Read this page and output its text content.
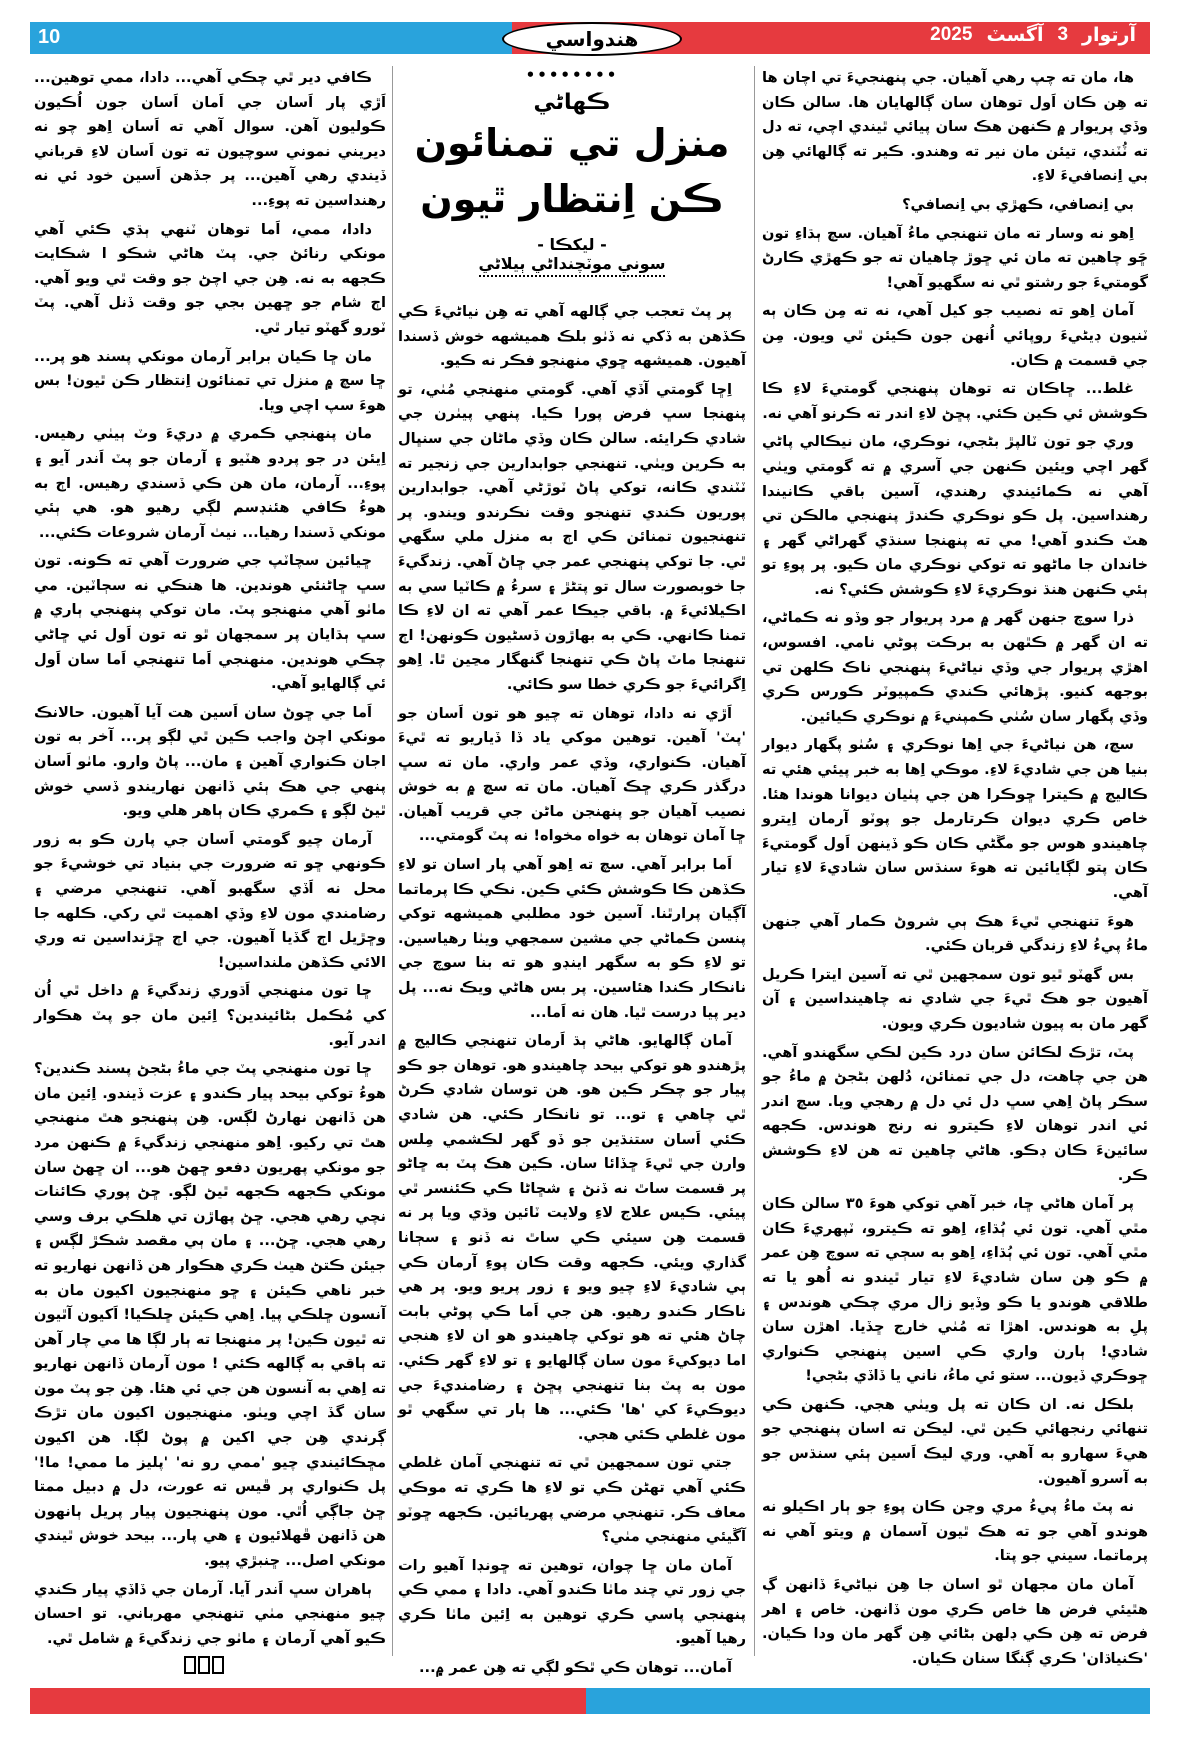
10	آرتوار
3
آگسٽ
2025
هندواسي

ڪافي دير ٿي چڪي آهي... دادا، ممي توهين... اَڙي پار اَسان جي اَمان اَسان جون اُڪيون ڪوليون آهن. سوال آهي ته اَسان اِهو چو نه ديريني نموني سوچيون ته تون اَسان لاءِ قرباني ڏيندي رهي آهين... پر جڏهن اَسين خود ئي نه رهنداسين ته پوءِ...

دادا، ممي، اَما توهان ٽنهي ٻڌي ڪئي آهي مونکي رنائڻ جي. پٽ هاڻي شڪو ا شڪايت ڪجهه به نه. هِن جي اچڻ جو وقت ٿي ويو آهي. اڄ شام جو ڇهين بجي جو وقت ڏنل آهي. پٽ ٽورو گهٽو تيار ٿي.

مان ڇا ڪيان برابر آرمان مونکي پسند هو پر... ڇا سچ ۾ منزل تي تمنائون اِنتظار ڪن ٿيون! بس هوءَ سپ اچي ويا.

مان پنهنجي ڪمري ۾ دريءَ وٽ ٻيٺي رهيس. اِيئن در جو پردو هٽيو ۽ آرمان جو پٽ اَندر آيو ۽ پوءِ... آرمان، مان هن ڪي ڏسندي رهيس. اڄ به هوءُ ڪافي هئنڊسم لڳي رهيو هو. هي ٻئي مونکي ڏسندا رهيا... نيٺ آرمان شروعات ڪئي...

ڇيائين سچاٽپ جي ضرورت آهي ته ڪونه. تون سڀ ڇاڻنئي هوندين. ها هنڪي نه سڄاٽين. مي ماٺو آهي منهنجو پٽ. مان توکي پنهنجي ٻاري ۾ سڀ ٻڌايان پر سمجهان ٿو ته تون اَول ئي ڇاڻي چڪي هوندين. منهنجي اَما تنهنجي اَما سان اَول ئي ڳالهايو آهي.

اَما جي ڇوڻ سان اَسين هت آيا آهيون. حالانڪ مونکي اچڻ واجب ڪين ٿي لڳو پر... آخر به تون اجان ڪنواري آهين ۽ مان... پاڻ وارو. ماٺو اَسان پنهي جي هڪ ٻئي ڏانهن نهاريندو ڏسي خوش ٿيڻ لڳو ۽ ڪمري ڪان ٻاهر هلي ويو.

آرمان چيو گومتي اَسان جي پارن ڪو به زور ڪونهي ڇو ته ضرورت جي بنياد تي خوشيءَ جو محل نه اَڏي سگهبو آهي. تنهنجي مرضي ۽ رضامندي مون لاءِ وڏي اهميت ٿي رکي. ڪلهه جا وڇڙيل اڄ گڏيا آهيون. جي اڄ ڇڙنداسين ته وري الائي ڪڏهن ملنداسين!

ڇا تون منهنجي اَڌوري زندگيءَ ۾ داخل ٿي اُن کي مُڪمل بڻائيندين؟ اِئين مان جو پٽ هڪوار اندر آيو.

ڇا تون منهنجي پٽ جي ماءُ بڻجڻ پسند ڪندين؟ هوءُ توکي بيحد پيار ڪندو ۽ عزت ڏيندو. اِئين مان هن ڏانهن نهارڻ لڳس. هِن پنهنجو هٿ منهنجي هٿ تي رکيو. اِهو منهنجي زندگيءَ ۾ ڪنهن مرد جو مونکي پهريون دفعو ڇهڻ هو... ان ڇهڻ سان مونکي ڪجهه ڪجهه ٿيڻ لڳو. ڇڻ پوري ڪائنات نچي رهي هجي. ڇڻ پهاڙن تي هلڪي برف وسي رهي هجي. ڇڻ... ۽ مان ٻي مقصد شڪڙ لڳس ۽ جيئن ڪتڻ هيٺ ڪري هڪوار هن ڏانهن نهاريو ته خبر ناهي ڪيئن ۽ ڇو منهنجيون اکيون مان به آنسون ڇلڪي پيا. اِهي ڪيئن ڇلڪيا! اَکيون آٿيون ته ٿيون ڪين! پر منهنجا ته ٻار لڳا ها مي چار آهن ته ٻاقي به ڳالهه ڪئي ! مون آرمان ڏانهن نهاريو ته اِهي به آنسون هن جي ئي هئا. هِن جو پٽ مون سان گڏ اچي ويٺو. منهنجيون اکيون مان تڙڪ ڳرندي هِن جي اکين ۾ پوڻ لڳا. هن اکيون مڇڪائيندي چيو 'ممي رو نه' 'پليز ما ممي! ما!' پل ڪنواري پر ڦيس ته عورت، دل ۾ دبيل ممتا ڇڻ جاڳي اُٿي. مون پنهنجيون پيار پريل ٻانهون هن ڏانهن ڦهلائيون ۽ هي پار... بيحد خوش ٿيندي مونکي اصل... ڇنبڙي پيو.

ٻاهران سڀ اَندر آيا. آرمان جي ڏاڏي پيار ڪندي چيو منهنجي مٺي تنهنجي مهرباني. تو احسان ڪيو آهي آرمان ۽ ماٺو جي زندگيءَ ۾ شامل ٿي.

••••••••
ڪهاڻي
منزل تي تمنائون
ڪن اِنتظار ٿيون
- ليکڪا -
سوني موٽچنداڻي ٻيلاڻي

پر پٽ تعجب جي ڳالهه آهي ته هِن نياڻيءَ ڪي ڪڏهن به ڏکي نه ڏٺو بلڪ هميشهه خوش ڏسندا آهيون. هميشهه ڇوي منهنجو فڪر نه ڪيو.

اِڇا گومتي آڏي آهي. گومتي منهنجي مُٺي، تو پنهنجا سڀ فرض پورا ڪيا. پنهي پيٺرن جي شادي ڪرايئه. سالن ڪان وڏي ماڻان جي سنڀال به ڪرين ويٺي. تنهنجي جوابدارين جي زنجير ته ٽٽندي ڪانه، توکي پاڻ ٽوڙڻي آهي. جوابدارين پوريون ڪندي تنهنجو وقت نڪرندو ويندو. پر تنهنجيون تمنائن ڪي اڄ به منزل ملي سگهي ٿي. جا توکي پنهنجي عمر جي ڇاڻ آهي. زندگيءَ جا خوبصورت سال تو پتڻڙ ۽ سرءُ ۾ ڪاٽيا سي به اڪيلائيءَ ۾. باقي جيڪا عمر آهي ته ان لاءِ ڪا تمنا ڪانهي. ڪي به بهاڙون ڏسڻيون ڪونهن! اڄ تنهنجا ماٽ پاڻ ڪي تنهنجا گنهگار مڃين ٿا. اِهو اِگرائيءَ جو ڪري خطا سو ڪائي.

اَڙي نه دادا، توهان ته چيو هو تون اَسان جو 'پٽ' آهين. توهين موکي ياد ڏا ڏياريو ته ٿيءَ آهيان. ڪنواري، وڏي عمر واري. مان ته سڀ درگذر ڪري ڇڪ آهيان. مان ته سچ ۾ به خوش نصيب آهيان جو پنهنجن ماڻن جي قريب آهيان. ڇا آمان توهان به خواه مخواه! نه پٽ گومتي...

اَما برابر آهي. سچ ته اِهو آهي پار اسان تو لاءِ ڪڏهن ڪا ڪوشش ڪئي ڪين. نڪي ڪا پرماتما آڳيان پرارٿنا. آسين خود مطلبي هميشهه توکي پنسن ڪماڻي جي مشين سمجهي ويٺا رهياسين. تو لاءِ ڪو به سگهر اينڊو هو ته بنا سوچ جي نانڪار ڪندا هئاسين. پر بس هاڻي ويڪ نه... پل دير پيا درست ٿيا. هان نه اَما...

آمان ڳالهايو. هاڻي ٻڌ اَرمان تنهنجي ڪاليج ۾ پڙهندو هو توکي بيحد چاهيندو هو. توهان جو ڪو پيار جو چڪر ڪين هو. هن توسان شادي ڪرڻ ٿي چاهي ۽ تو... تو نانڪار ڪئي. هن شادي ڪئي اَسان ستنڌين جو ڏو گهر لڪشمي مِلس وارن جي ٿيءَ ڇڏائا سان. ڪين هڪ پٽ به ڇاڻو پر قسمت ساٿ نه ڏنڻ ۽ شڇاڻا ڪي ڪئنسر ٿي پيئي. ڪيس علاج لاءِ ولايت ٽائين وڌي ويا پر نه قسمت هِن سيئي ڪي ساٿ نه ڏنو ۽ سڄانا گذاري ويئي. ڪجهه وقت ڪان پوءِ آرمان ڪي ٻي شاديءَ لاءِ چيو ويو ۽ زور پريو ويو. پر هي ناڪار ڪندو رهيو. هن جي اَما ڪي پوڻي بابت چاڻ هئي ته هو توکي چاهيندو هو ان لاءِ هنجي اما ديوکيءَ مون سان ڳالهايو ۽ تو لاءِ گهر ڪئي. مون به پٽ بنا تنهنجي پڇڻ ۽ رضامنديءَ جي ديوڪيءَ کي 'ها' ڪئي... ها ٻار تي سگهي ٿو مون غلطي ڪئي هجي.

جتي تون سمجهين ٿي ته تنهنجي آمان غلطي ڪئي آهي تهڻن ڪي تو لاءِ ها ڪري ته موڪي معاف ڪر. تنهنجي مرضي پهريائين. ڪجهه ڇوٽو آڱيئي منهنجي مٺي؟

آمان مان ڇا چوان، توهين ته ڇونڊا آهيو رات جي زور تي چند ماٺا ڪندو آهي. دادا ۽ ممي ڪي پنهنجي پاسي ڪري توهين به اِئين ماٺا ڪري رهيا آهيو.

آمان... توهان ڪي ٿڪو لڳي ته هِن عمر ۾...

ها، مان ته چپ رهي آهيان. جي پنهنجيءَ تي اچان ها ته هِن ڪان اَول توهان سان ڳالهايان ها. سالن ڪان وڏي پريوار ۾ ڪنهن هڪ سان پيائي ٿيندي اچي، ته دل ته ٽُٽندي، تيئن مان نير ته وهندو. ڪير ته ڳالهائي هِن بي اِنصافيءَ لاءِ.

بي اِنصافي، ڪهڙي بي اِنصافي؟

اِهو نه وسار ته مان تنهنجي ماءُ آهيان. سچ ٻڌاءِ تون ڇَو چاهين ته مان ئي ڇوڙ چاهيان ته جو ڪهڙي ڪارڻ گومتيءَ جو رشتو ٿي نه سگهيو آهي!

آمان اِهو ته نصيب جو کيل آهي، نه ته مِن ڪان ٻه ٽنيون ڊيڻيءَ روپائي اُنهن جون ڪيئن ٿي ويون. مِن جي قسمت ۾ ڪان.

غلط... ڇاڪان ته توهان پنهنجي گومتيءَ لاءِ ڪا ڪوشش ئي ڪين ڪئي. پڇڻ لاءِ اندر ته ڪرنو آهي نه.

وري جو تون ٽالپڙ بڻجي، نوڪري، مان نيڪالي پاڻي گهر اچي ويئين ڪنهن جي آسري ۾ ته گومتي ويٺي آهي نه ڪمائيندي رهندي، آسين باقي ڪانيندا رهنداسين. پل ڪو نوڪري ڪندڙ پنهنجي مالڪن تي هٽ ڪندو آهي! مي ته پنهنجا سنڌي گهراڻي گهر ۽ خاندان جا ماڻهو ته توکي نوڪري مان ڪيو. پر پوءِ تو ٻئي ڪنهن هنڌ نوڪريءَ لاءِ ڪوشش ڪئي؟ نه.

ذرا سوچ جنهن گهر ۾ مرد پريوار جو وڏو نه ڪماڻي، ته ان گهر ۾ ڪٿهن به برڪت پوڻي نامي. افسوس، اهڙي پريوار جي وڏي نياڻيءَ پنهنجي ناڪ ڪلهن تي بوجهه کنيو. پڙهائي ڪندي ڪمپيوٽر ڪورس ڪري وڏي پگهار سان سُٺي ڪمپنيءَ ۾ نوڪري ڪيائين.

سچ، هن نياڻيءَ جي اِها نوڪري ۽ سُٺو پگهار ديوار بنيا هن جي شاديءَ لاءِ. موڪي اِها به خبر پيئي هئي ته ڪاليج ۾ ڪيترا ڇوڪرا هن جي پٺيان ديوانا هوندا هئا. خاص ڪري ديوان ڪرتارمل جو پوٽو آرمان اِيترو چاهيندو هوس جو مڱڻي ڪان ڪو ڏينهن اَول گومتيءَ ڪان پتو لڳايائين ته هوءَ سنڌس سان شاديءَ لاءِ تيار آهي.

هوءَ تنهنجي ٿيءَ هڪ ٻي شروڻ ڪمار آهي جنهن ماءُ پيءُ لاءِ زندگي قربان ڪئي.

بس گهٽو ٿيو تون سمجهين ٿي ته آسين ايترا ڪريل آهيون جو هڪ ٿيءَ جي شادي نه چاهينداسين ۽ آن گهر مان به پيون شاديون ڪري ويون.

پٽ، تڙڪ لڪائن سان درد ڪين لڪي سگهندو آهي. هن جي چاهت، دل جي تمنائن، دُلهن بڻجڻ ۾ ماءُ جو سڪر پاڻ اِهي سڀ دل ئي دل ۾ رهجي ويا. سچ اندر ئي اندر توهان لاءِ ڪيترو نه رنج هوندس. ڪجهه سائينءَ ڪان ڊڪو. هاڻي چاهين ته هن لاءِ ڪوشش ڪر.

پر آمان هاڻي ڇا، خبر آهي توکي هوءَ ٣٥ سالن ڪان مٿي آهي. تون ئي ٻُڌاءِ، اِهو ته ڪيترو، ٽپهريءَ ڪان مٿي آهي. تون ئي ٻُڌاءِ، اِهو به سڄي ته سوچ هِن عمر ۾ ڪو هِن سان شاديءَ لاءِ تيار ٿيندو نه اُهو يا ته طلاقي هوندو يا ڪو وڏيو زال مري چڪي هوندس ۽ پلِ به هوندس. اهڙا ته مُٺي خارج ڇڏيا. اهڙن سان شادي! ٻارن واري ڪي اسين پنهنجي ڪنواري ڇوڪري ڏيون... ستو ئي ماءُ، ناني يا ڏاڏي بڻجي!

بلڪل نه. ان ڪان ته پل ويٺي هجي. ڪنهن ڪي تنهائي رنجهائي ڪين ٿي. ليڪن ته اسان پنهنجي جو هيءَ سهارو به آهي. وري ليڪ اَسين ٻئي سنڌس جو به آسرو آهيون.

نه پٽ ماءُ پيءُ مري وڃن ڪان پوءِ جو ٻار اڪيلو نه هوندو آهي جو ته هڪ ٿيون آسمان ۾ ويتو آهي نه پرماتما. سيني جو پتا.

آمان مان مجهان ٿو اسان جا هِن نياڻيءَ ڏانهن ڳ هٿيئي فرض ها خاص ڪري مون ڏانهن. خاص ۽ اهر فرض ته هِن ڪي ڊلهن بڻائي هِن گهر مان ودا ڪيان. 'ڪنياڌان' ڪري ڳنگا سنان ڪيان.
